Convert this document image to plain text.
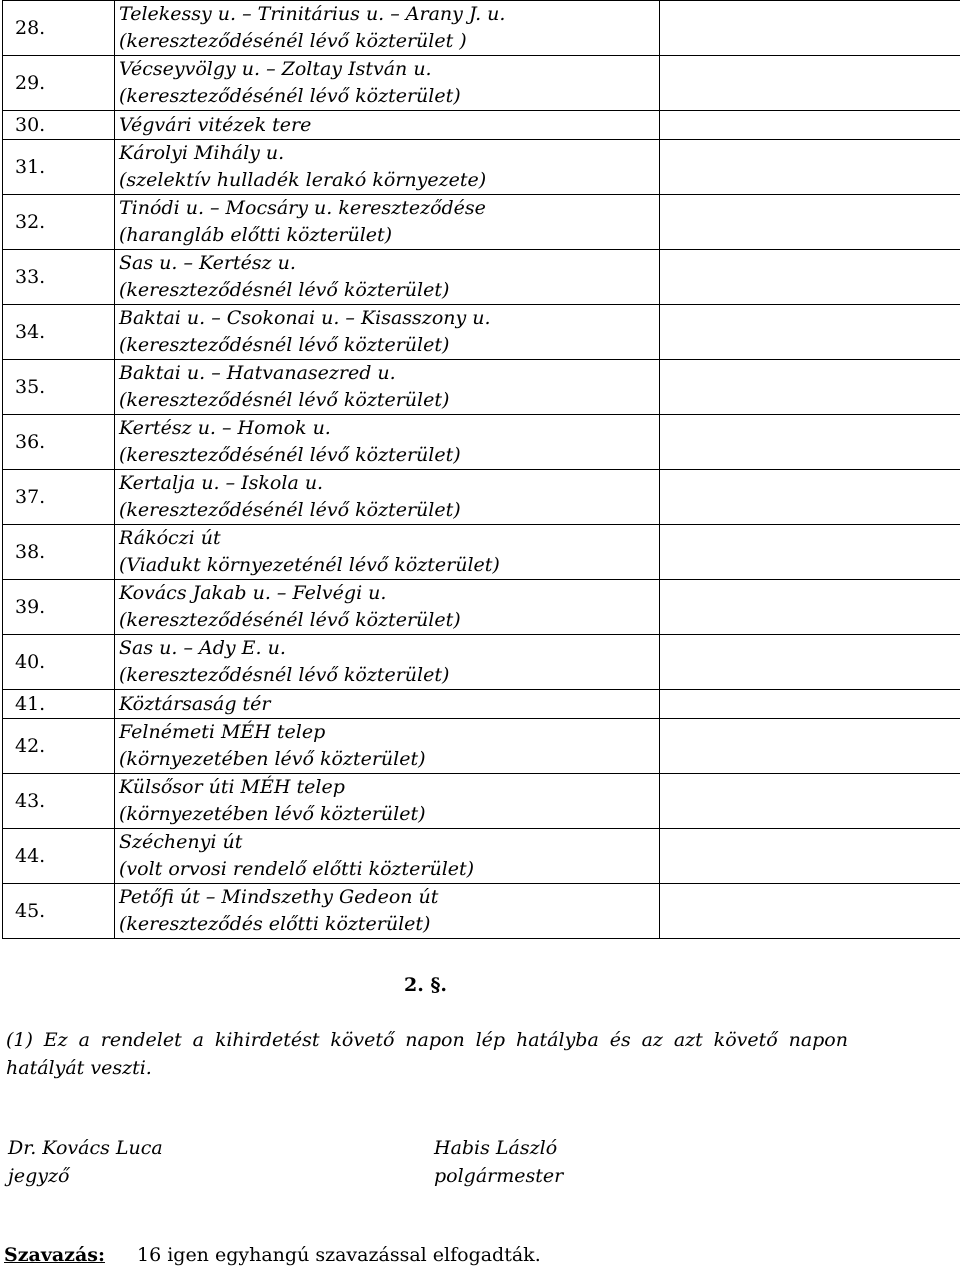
28.	Telekessy u. – Trinitárius u. – Arany J. u.
(kereszteződésénél lévő közterület )	

29.	Vécseyvölgy u. – Zoltay István u.
(kereszteződésénél lévő közterület)	

30.	Végvári vitézek tere	

31.	Károlyi Mihály u.
(szelektív hulladék lerakó környezete)	

32.	Tinódi u. – Mocsáry u. kereszteződése
(harangláb előtti közterület)	

33.	Sas u. – Kertész u.
(kereszteződésnél lévő közterület)	

34.	Baktai u. – Csokonai u. – Kisasszony u.
(kereszteződésnél lévő közterület)	

35.	Baktai u. – Hatvanasezred u.
(kereszteződésnél lévő közterület)	

36.	Kertész u. – Homok u.
(kereszteződésénél lévő közterület)	

37.	Kertalja u. – Iskola u.
(kereszteződésénél lévő közterület)	

38.	Rákóczi út
(Viadukt környezeténél lévő közterület)	

39.	Kovács Jakab u. – Felvégi u.
(kereszteződésénél lévő közterület)	

40.	Sas u. – Ady E. u.
(kereszteződésnél lévő közterület)	

41.	Köztársaság tér	

42.	Felnémeti MÉH telep
(környezetében lévő közterület)	

43.	Külsősor úti MÉH telep
(környezetében lévő közterület)	

44.	Széchenyi út
(volt orvosi rendelő előtti közterület)	

45.	Petőfi út – Mindszethy Gedeon út
(kereszteződés előtti közterület)	

2. §.
(1) Ez a rendelet a kihirdetést követő napon lép hatályba és az azt követő napon hatályát veszti.
Dr. Kovács Luca
jegyző
Habis László
polgármester
Szavazás: 16 igen egyhangú szavazással elfogadták.
